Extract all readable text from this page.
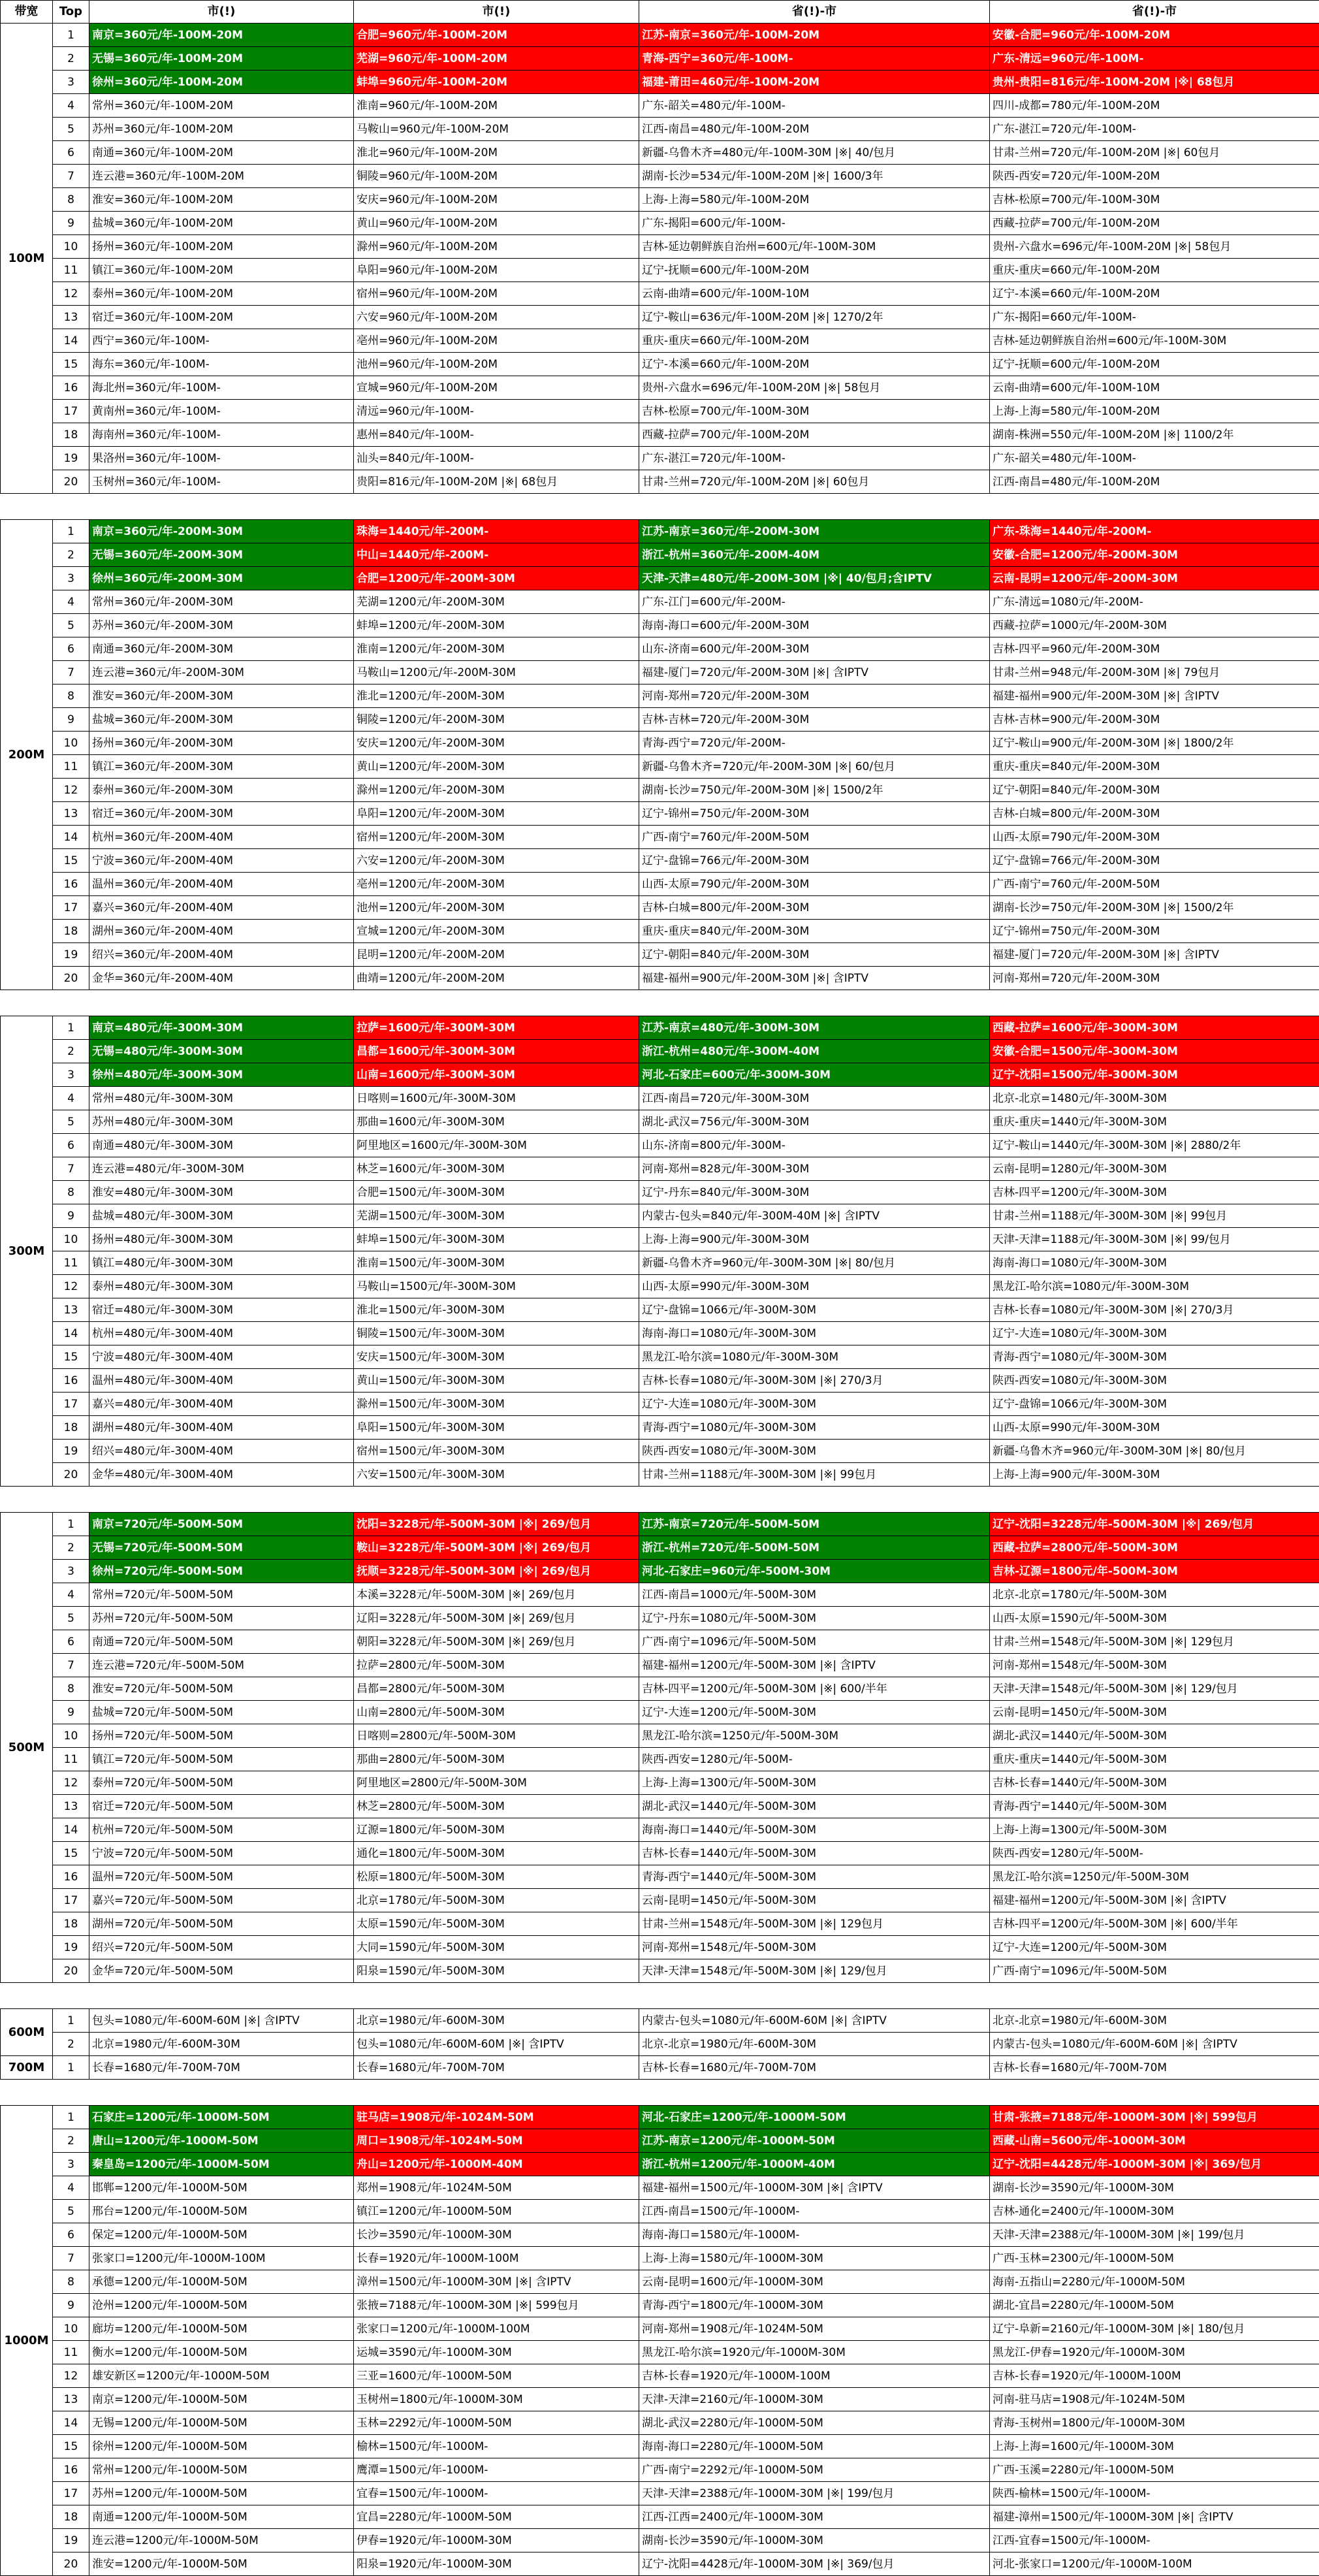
带宽	Top	市(!)	市(!)	省(!)-市	省(!)-市
100M	1	南京=360元/年-100M-20M	合肥=960元/年-100M-20M	江苏-南京=360元/年-100M-20M	安徽-合肥=960元/年-100M-20M
	2	无锡=360元/年-100M-20M	芜湖=960元/年-100M-20M	青海-西宁=360元/年-100M-	广东-清远=960元/年-100M-
	3	徐州=360元/年-100M-20M	蚌埠=960元/年-100M-20M	福建-莆田=460元/年-100M-20M	贵州-贵阳=816元/年-100M-20M |※| 68包月
	4	常州=360元/年-100M-20M	淮南=960元/年-100M-20M	广东-韶关=480元/年-100M-	四川-成都=780元/年-100M-20M
	5	苏州=360元/年-100M-20M	马鞍山=960元/年-100M-20M	江西-南昌=480元/年-100M-20M	广东-湛江=720元/年-100M-
	6	南通=360元/年-100M-20M	淮北=960元/年-100M-20M	新疆-乌鲁木齐=480元/年-100M-30M |※| 40/包月	甘肃-兰州=720元/年-100M-20M |※| 60包月
	7	连云港=360元/年-100M-20M	铜陵=960元/年-100M-20M	湖南-长沙=534元/年-100M-20M |※| 1600/3年	陕西-西安=720元/年-100M-20M
	8	淮安=360元/年-100M-20M	安庆=960元/年-100M-20M	上海-上海=580元/年-100M-20M	吉林-松原=700元/年-100M-30M
	9	盐城=360元/年-100M-20M	黄山=960元/年-100M-20M	广东-揭阳=600元/年-100M-	西藏-拉萨=700元/年-100M-20M
	10	扬州=360元/年-100M-20M	滁州=960元/年-100M-20M	吉林-延边朝鲜族自治州=600元/年-100M-30M	贵州-六盘水=696元/年-100M-20M |※| 58包月
	11	镇江=360元/年-100M-20M	阜阳=960元/年-100M-20M	辽宁-抚顺=600元/年-100M-20M	重庆-重庆=660元/年-100M-20M
	12	泰州=360元/年-100M-20M	宿州=960元/年-100M-20M	云南-曲靖=600元/年-100M-10M	辽宁-本溪=660元/年-100M-20M
	13	宿迁=360元/年-100M-20M	六安=960元/年-100M-20M	辽宁-鞍山=636元/年-100M-20M |※| 1270/2年	广东-揭阳=660元/年-100M-
	14	西宁=360元/年-100M-	亳州=960元/年-100M-20M	重庆-重庆=660元/年-100M-20M	吉林-延边朝鲜族自治州=600元/年-100M-30M
	15	海东=360元/年-100M-	池州=960元/年-100M-20M	辽宁-本溪=660元/年-100M-20M	辽宁-抚顺=600元/年-100M-20M
	16	海北州=360元/年-100M-	宣城=960元/年-100M-20M	贵州-六盘水=696元/年-100M-20M |※| 58包月	云南-曲靖=600元/年-100M-10M
	17	黄南州=360元/年-100M-	清远=960元/年-100M-	吉林-松原=700元/年-100M-30M	上海-上海=580元/年-100M-20M
	18	海南州=360元/年-100M-	惠州=840元/年-100M-	西藏-拉萨=700元/年-100M-20M	湖南-株洲=550元/年-100M-20M |※| 1100/2年
	19	果洛州=360元/年-100M-	汕头=840元/年-100M-	广东-湛江=720元/年-100M-	广东-韶关=480元/年-100M-
	20	玉树州=360元/年-100M-	贵阳=816元/年-100M-20M |※| 68包月	甘肃-兰州=720元/年-100M-20M |※| 60包月	江西-南昌=480元/年-100M-20M

200M	1	南京=360元/年-200M-30M	珠海=1440元/年-200M-	江苏-南京=360元/年-200M-30M	广东-珠海=1440元/年-200M-
	2	无锡=360元/年-200M-30M	中山=1440元/年-200M-	浙江-杭州=360元/年-200M-40M	安徽-合肥=1200元/年-200M-30M
	3	徐州=360元/年-200M-30M	合肥=1200元/年-200M-30M	天津-天津=480元/年-200M-30M |※| 40/包月;含IPTV	云南-昆明=1200元/年-200M-30M
	4	常州=360元/年-200M-30M	芜湖=1200元/年-200M-30M	广东-江门=600元/年-200M-	广东-清远=1080元/年-200M-
	5	苏州=360元/年-200M-30M	蚌埠=1200元/年-200M-30M	海南-海口=600元/年-200M-30M	西藏-拉萨=1000元/年-200M-30M
	6	南通=360元/年-200M-30M	淮南=1200元/年-200M-30M	山东-济南=600元/年-200M-30M	吉林-四平=960元/年-200M-30M
	7	连云港=360元/年-200M-30M	马鞍山=1200元/年-200M-30M	福建-厦门=720元/年-200M-30M |※| 含IPTV	甘肃-兰州=948元/年-200M-30M |※| 79包月
	8	淮安=360元/年-200M-30M	淮北=1200元/年-200M-30M	河南-郑州=720元/年-200M-30M	福建-福州=900元/年-200M-30M |※| 含IPTV
	9	盐城=360元/年-200M-30M	铜陵=1200元/年-200M-30M	吉林-吉林=720元/年-200M-30M	吉林-吉林=900元/年-200M-30M
	10	扬州=360元/年-200M-30M	安庆=1200元/年-200M-30M	青海-西宁=720元/年-200M-	辽宁-鞍山=900元/年-200M-30M |※| 1800/2年
	11	镇江=360元/年-200M-30M	黄山=1200元/年-200M-30M	新疆-乌鲁木齐=720元/年-200M-30M |※| 60/包月	重庆-重庆=840元/年-200M-30M
	12	泰州=360元/年-200M-30M	滁州=1200元/年-200M-30M	湖南-长沙=750元/年-200M-30M |※| 1500/2年	辽宁-朝阳=840元/年-200M-30M
	13	宿迁=360元/年-200M-30M	阜阳=1200元/年-200M-30M	辽宁-锦州=750元/年-200M-30M	吉林-白城=800元/年-200M-30M
	14	杭州=360元/年-200M-40M	宿州=1200元/年-200M-30M	广西-南宁=760元/年-200M-50M	山西-太原=790元/年-200M-30M
	15	宁波=360元/年-200M-40M	六安=1200元/年-200M-30M	辽宁-盘锦=766元/年-200M-30M	辽宁-盘锦=766元/年-200M-30M
	16	温州=360元/年-200M-40M	亳州=1200元/年-200M-30M	山西-太原=790元/年-200M-30M	广西-南宁=760元/年-200M-50M
	17	嘉兴=360元/年-200M-40M	池州=1200元/年-200M-30M	吉林-白城=800元/年-200M-30M	湖南-长沙=750元/年-200M-30M |※| 1500/2年
	18	湖州=360元/年-200M-40M	宣城=1200元/年-200M-30M	重庆-重庆=840元/年-200M-30M	辽宁-锦州=750元/年-200M-30M
	19	绍兴=360元/年-200M-40M	昆明=1200元/年-200M-20M	辽宁-朝阳=840元/年-200M-30M	福建-厦门=720元/年-200M-30M |※| 含IPTV
	20	金华=360元/年-200M-40M	曲靖=1200元/年-200M-20M	福建-福州=900元/年-200M-30M |※| 含IPTV	河南-郑州=720元/年-200M-30M

300M	1	南京=480元/年-300M-30M	拉萨=1600元/年-300M-30M	江苏-南京=480元/年-300M-30M	西藏-拉萨=1600元/年-300M-30M
	2	无锡=480元/年-300M-30M	昌都=1600元/年-300M-30M	浙江-杭州=480元/年-300M-40M	安徽-合肥=1500元/年-300M-30M
	3	徐州=480元/年-300M-30M	山南=1600元/年-300M-30M	河北-石家庄=600元/年-300M-30M	辽宁-沈阳=1500元/年-300M-30M
	4	常州=480元/年-300M-30M	日喀则=1600元/年-300M-30M	江西-南昌=720元/年-300M-30M	北京-北京=1480元/年-300M-30M
	5	苏州=480元/年-300M-30M	那曲=1600元/年-300M-30M	湖北-武汉=756元/年-300M-30M	重庆-重庆=1440元/年-300M-30M
	6	南通=480元/年-300M-30M	阿里地区=1600元/年-300M-30M	山东-济南=800元/年-300M-	辽宁-鞍山=1440元/年-300M-30M |※| 2880/2年
	7	连云港=480元/年-300M-30M	林芝=1600元/年-300M-30M	河南-郑州=828元/年-300M-30M	云南-昆明=1280元/年-300M-30M
	8	淮安=480元/年-300M-30M	合肥=1500元/年-300M-30M	辽宁-丹东=840元/年-300M-30M	吉林-四平=1200元/年-300M-30M
	9	盐城=480元/年-300M-30M	芜湖=1500元/年-300M-30M	内蒙古-包头=840元/年-300M-40M |※| 含IPTV	甘肃-兰州=1188元/年-300M-30M |※| 99包月
	10	扬州=480元/年-300M-30M	蚌埠=1500元/年-300M-30M	上海-上海=900元/年-300M-30M	天津-天津=1188元/年-300M-30M |※| 99/包月
	11	镇江=480元/年-300M-30M	淮南=1500元/年-300M-30M	新疆-乌鲁木齐=960元/年-300M-30M |※| 80/包月	海南-海口=1080元/年-300M-30M
	12	泰州=480元/年-300M-30M	马鞍山=1500元/年-300M-30M	山西-太原=990元/年-300M-30M	黑龙江-哈尔滨=1080元/年-300M-30M
	13	宿迁=480元/年-300M-30M	淮北=1500元/年-300M-30M	辽宁-盘锦=1066元/年-300M-30M	吉林-长春=1080元/年-300M-30M |※| 270/3月
	14	杭州=480元/年-300M-40M	铜陵=1500元/年-300M-30M	海南-海口=1080元/年-300M-30M	辽宁-大连=1080元/年-300M-30M
	15	宁波=480元/年-300M-40M	安庆=1500元/年-300M-30M	黑龙江-哈尔滨=1080元/年-300M-30M	青海-西宁=1080元/年-300M-30M
	16	温州=480元/年-300M-40M	黄山=1500元/年-300M-30M	吉林-长春=1080元/年-300M-30M |※| 270/3月	陕西-西安=1080元/年-300M-30M
	17	嘉兴=480元/年-300M-40M	滁州=1500元/年-300M-30M	辽宁-大连=1080元/年-300M-30M	辽宁-盘锦=1066元/年-300M-30M
	18	湖州=480元/年-300M-40M	阜阳=1500元/年-300M-30M	青海-西宁=1080元/年-300M-30M	山西-太原=990元/年-300M-30M
	19	绍兴=480元/年-300M-40M	宿州=1500元/年-300M-30M	陕西-西安=1080元/年-300M-30M	新疆-乌鲁木齐=960元/年-300M-30M |※| 80/包月
	20	金华=480元/年-300M-40M	六安=1500元/年-300M-30M	甘肃-兰州=1188元/年-300M-30M |※| 99包月	上海-上海=900元/年-300M-30M

500M	1	南京=720元/年-500M-50M	沈阳=3228元/年-500M-30M |※| 269/包月	江苏-南京=720元/年-500M-50M	辽宁-沈阳=3228元/年-500M-30M |※| 269/包月
	2	无锡=720元/年-500M-50M	鞍山=3228元/年-500M-30M |※| 269/包月	浙江-杭州=720元/年-500M-50M	西藏-拉萨=2800元/年-500M-30M
	3	徐州=720元/年-500M-50M	抚顺=3228元/年-500M-30M |※| 269/包月	河北-石家庄=960元/年-500M-30M	吉林-辽源=1800元/年-500M-30M
	4	常州=720元/年-500M-50M	本溪=3228元/年-500M-30M |※| 269/包月	江西-南昌=1000元/年-500M-30M	北京-北京=1780元/年-500M-30M
	5	苏州=720元/年-500M-50M	辽阳=3228元/年-500M-30M |※| 269/包月	辽宁-丹东=1080元/年-500M-30M	山西-太原=1590元/年-500M-30M
	6	南通=720元/年-500M-50M	朝阳=3228元/年-500M-30M |※| 269/包月	广西-南宁=1096元/年-500M-50M	甘肃-兰州=1548元/年-500M-30M |※| 129包月
	7	连云港=720元/年-500M-50M	拉萨=2800元/年-500M-30M	福建-福州=1200元/年-500M-30M |※| 含IPTV	河南-郑州=1548元/年-500M-30M
	8	淮安=720元/年-500M-50M	昌都=2800元/年-500M-30M	吉林-四平=1200元/年-500M-30M |※| 600/半年	天津-天津=1548元/年-500M-30M |※| 129/包月
	9	盐城=720元/年-500M-50M	山南=2800元/年-500M-30M	辽宁-大连=1200元/年-500M-30M	云南-昆明=1450元/年-500M-30M
	10	扬州=720元/年-500M-50M	日喀则=2800元/年-500M-30M	黑龙江-哈尔滨=1250元/年-500M-30M	湖北-武汉=1440元/年-500M-30M
	11	镇江=720元/年-500M-50M	那曲=2800元/年-500M-30M	陕西-西安=1280元/年-500M-	重庆-重庆=1440元/年-500M-30M
	12	泰州=720元/年-500M-50M	阿里地区=2800元/年-500M-30M	上海-上海=1300元/年-500M-30M	吉林-长春=1440元/年-500M-30M
	13	宿迁=720元/年-500M-50M	林芝=2800元/年-500M-30M	湖北-武汉=1440元/年-500M-30M	青海-西宁=1440元/年-500M-30M
	14	杭州=720元/年-500M-50M	辽源=1800元/年-500M-30M	海南-海口=1440元/年-500M-30M	上海-上海=1300元/年-500M-30M
	15	宁波=720元/年-500M-50M	通化=1800元/年-500M-30M	吉林-长春=1440元/年-500M-30M	陕西-西安=1280元/年-500M-
	16	温州=720元/年-500M-50M	松原=1800元/年-500M-30M	青海-西宁=1440元/年-500M-30M	黑龙江-哈尔滨=1250元/年-500M-30M
	17	嘉兴=720元/年-500M-50M	北京=1780元/年-500M-30M	云南-昆明=1450元/年-500M-30M	福建-福州=1200元/年-500M-30M |※| 含IPTV
	18	湖州=720元/年-500M-50M	太原=1590元/年-500M-30M	甘肃-兰州=1548元/年-500M-30M |※| 129包月	吉林-四平=1200元/年-500M-30M |※| 600/半年
	19	绍兴=720元/年-500M-50M	大同=1590元/年-500M-30M	河南-郑州=1548元/年-500M-30M	辽宁-大连=1200元/年-500M-30M
	20	金华=720元/年-500M-50M	阳泉=1590元/年-500M-30M	天津-天津=1548元/年-500M-30M |※| 129/包月	广西-南宁=1096元/年-500M-50M

600M	1	包头=1080元/年-600M-60M |※| 含IPTV	北京=1980元/年-600M-30M	内蒙古-包头=1080元/年-600M-60M |※| 含IPTV	北京-北京=1980元/年-600M-30M
	2	北京=1980元/年-600M-30M	包头=1080元/年-600M-60M |※| 含IPTV	北京-北京=1980元/年-600M-30M	内蒙古-包头=1080元/年-600M-60M |※| 含IPTV
700M	1	长春=1680元/年-700M-70M	长春=1680元/年-700M-70M	吉林-长春=1680元/年-700M-70M	吉林-长春=1680元/年-700M-70M

1000M	1	石家庄=1200元/年-1000M-50M	驻马店=1908元/年-1024M-50M	河北-石家庄=1200元/年-1000M-50M	甘肃-张掖=7188元/年-1000M-30M |※| 599包月
	2	唐山=1200元/年-1000M-50M	周口=1908元/年-1024M-50M	江苏-南京=1200元/年-1000M-50M	西藏-山南=5600元/年-1000M-30M
	3	秦皇岛=1200元/年-1000M-50M	舟山=1200元/年-1000M-40M	浙江-杭州=1200元/年-1000M-40M	辽宁-沈阳=4428元/年-1000M-30M |※| 369/包月
	4	邯郸=1200元/年-1000M-50M	郑州=1908元/年-1024M-50M	福建-福州=1500元/年-1000M-30M |※| 含IPTV	湖南-长沙=3590元/年-1000M-30M
	5	邢台=1200元/年-1000M-50M	镇江=1200元/年-1000M-50M	江西-南昌=1500元/年-1000M-	吉林-通化=2400元/年-1000M-30M
	6	保定=1200元/年-1000M-50M	长沙=3590元/年-1000M-30M	海南-海口=1580元/年-1000M-	天津-天津=2388元/年-1000M-30M |※| 199/包月
	7	张家口=1200元/年-1000M-100M	长春=1920元/年-1000M-100M	上海-上海=1580元/年-1000M-30M	广西-玉林=2300元/年-1000M-50M
	8	承德=1200元/年-1000M-50M	漳州=1500元/年-1000M-30M |※| 含IPTV	云南-昆明=1600元/年-1000M-30M	海南-五指山=2280元/年-1000M-50M
	9	沧州=1200元/年-1000M-50M	张掖=7188元/年-1000M-30M |※| 599包月	青海-西宁=1800元/年-1000M-30M	湖北-宜昌=2280元/年-1000M-50M
	10	廊坊=1200元/年-1000M-50M	张家口=1200元/年-1000M-100M	河南-郑州=1908元/年-1024M-50M	辽宁-阜新=2160元/年-1000M-30M |※| 180/包月
	11	衡水=1200元/年-1000M-50M	运城=3590元/年-1000M-30M	黑龙江-哈尔滨=1920元/年-1000M-30M	黑龙江-伊春=1920元/年-1000M-30M
	12	雄安新区=1200元/年-1000M-50M	三亚=1600元/年-1000M-50M	吉林-长春=1920元/年-1000M-100M	吉林-长春=1920元/年-1000M-100M
	13	南京=1200元/年-1000M-50M	玉树州=1800元/年-1000M-30M	天津-天津=2160元/年-1000M-30M	河南-驻马店=1908元/年-1024M-50M
	14	无锡=1200元/年-1000M-50M	玉林=2292元/年-1000M-50M	湖北-武汉=2280元/年-1000M-50M	青海-玉树州=1800元/年-1000M-30M
	15	徐州=1200元/年-1000M-50M	榆林=1500元/年-1000M-	海南-海口=2280元/年-1000M-50M	上海-上海=1600元/年-1000M-30M
	16	常州=1200元/年-1000M-50M	鹰潭=1500元/年-1000M-	广西-南宁=2292元/年-1000M-50M	广西-玉溪=2280元/年-1000M-50M
	17	苏州=1200元/年-1000M-50M	宜春=1500元/年-1000M-	天津-天津=2388元/年-1000M-30M |※| 199/包月	陕西-榆林=1500元/年-1000M-
	18	南通=1200元/年-1000M-50M	宜昌=2280元/年-1000M-50M	江西-江西=2400元/年-1000M-30M	福建-漳州=1500元/年-1000M-30M |※| 含IPTV
	19	连云港=1200元/年-1000M-50M	伊春=1920元/年-1000M-30M	湖南-长沙=3590元/年-1000M-30M	江西-宜春=1500元/年-1000M-
	20	淮安=1200元/年-1000M-50M	阳泉=1920元/年-1000M-30M	辽宁-沈阳=4428元/年-1000M-30M |※| 369/包月	河北-张家口=1200元/年-1000M-100M
